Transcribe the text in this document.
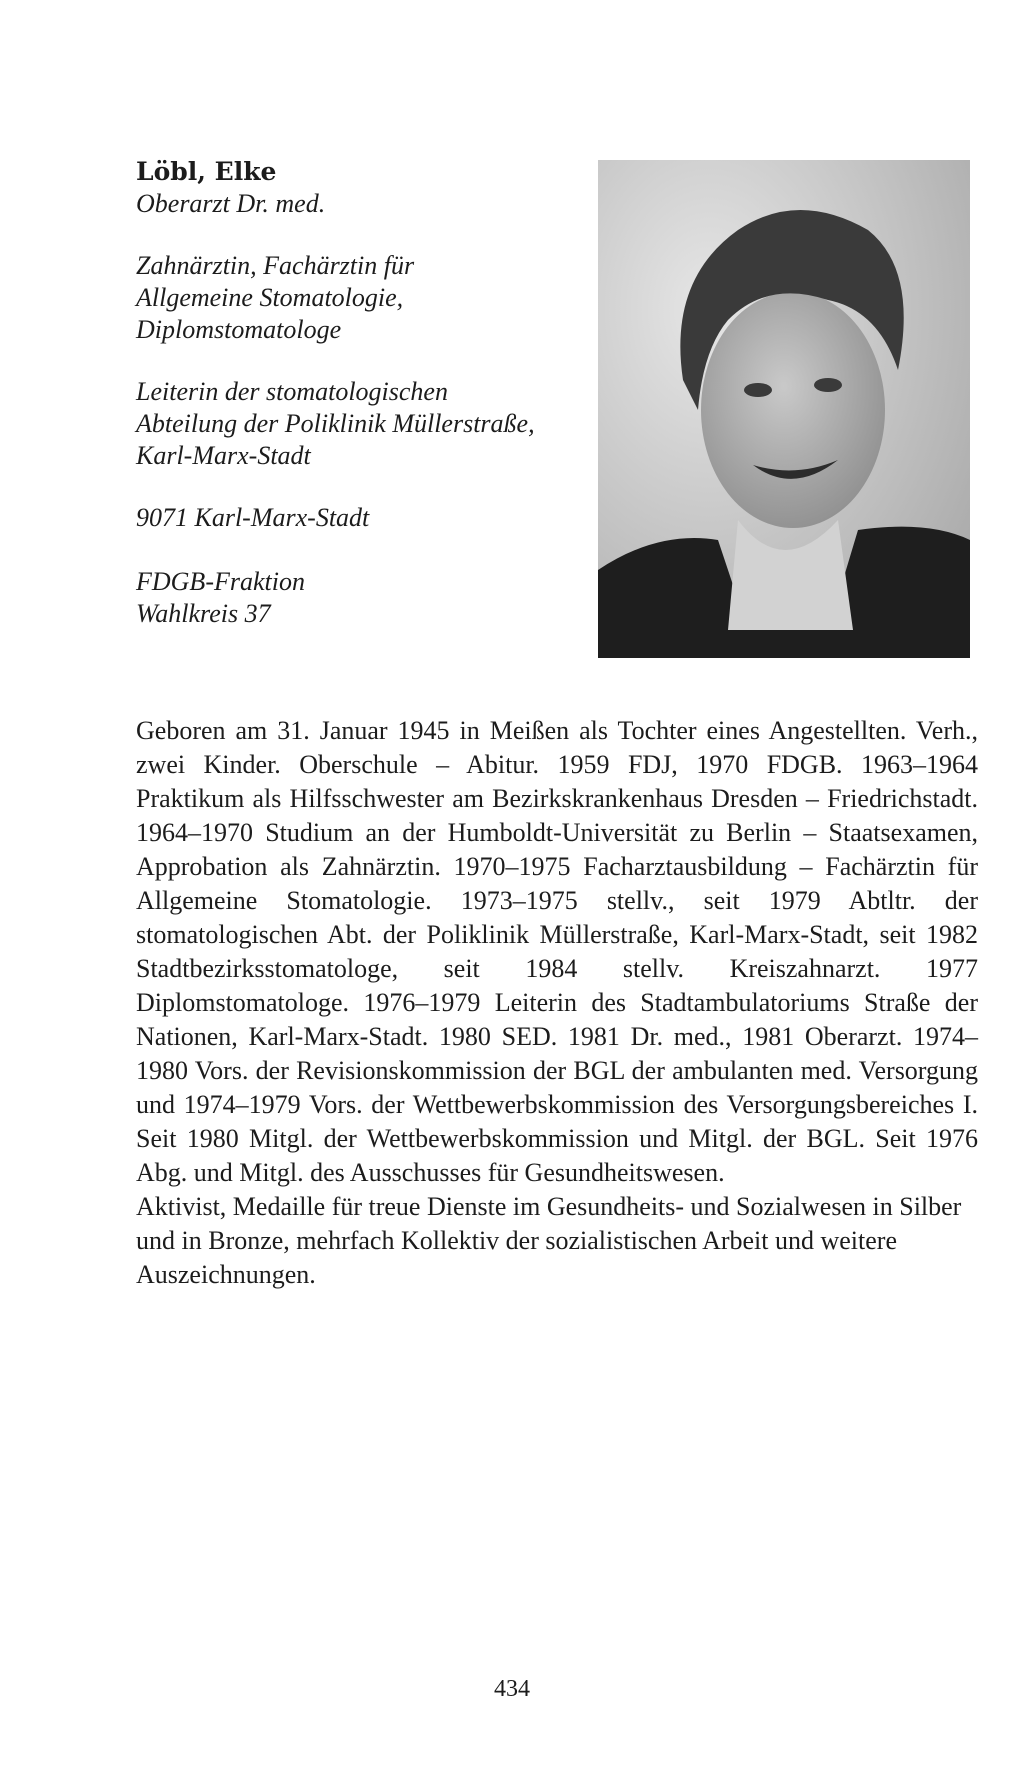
Löbl, Elke
Oberarzt Dr. med.
Zahnärztin, Fachärztin für
Allgemeine Stomatologie,
Diplomstomatologe
Leiterin der stomatologischen
Abteilung der Poliklinik Müllerstraße,
Karl-Marx-Stadt
9071 Karl-Marx-Stadt
FDGB-Fraktion
Wahlkreis 37

Geboren am 31. Januar 1945 in Meißen als Tochter eines Angestellten. Verh., zwei Kinder. Oberschule – Abitur. 1959 FDJ, 1970 FDGB. 1963–1964 Praktikum als Hilfsschwester am Bezirkskrankenhaus Dresden – Friedrichstadt. 1964–1970 Studium an der Humboldt-Universität zu Berlin – Staatsexamen, Approbation als Zahnärztin. 1970–1975 Facharztausbildung – Fachärztin für Allgemeine Stomatologie. 1973–1975 stellv., seit 1979 Abtltr. der stomatologischen Abt. der Poliklinik Müllerstraße, Karl-Marx-Stadt, seit 1982 Stadtbezirksstomatologe, seit 1984 stellv. Kreiszahnarzt. 1977 Diplomstomatologe. 1976–1979 Leiterin des Stadtambulatoriums Straße der Nationen, Karl-Marx-Stadt. 1980 SED. 1981 Dr. med., 1981 Oberarzt. 1974–1980 Vors. der Revisionskommission der BGL der ambulanten med. Versorgung und 1974–1979 Vors. der Wettbewerbskommission des Versorgungsbereiches I. Seit 1980 Mitgl. der Wettbewerbskommission und Mitgl. der BGL. Seit 1976 Abg. und Mitgl. des Ausschusses für Gesundheitswesen.

Aktivist, Medaille für treue Dienste im Gesundheits- und Sozialwesen in Silber und in Bronze, mehrfach Kollektiv der sozialistischen Arbeit und weitere Auszeichnungen.

434
